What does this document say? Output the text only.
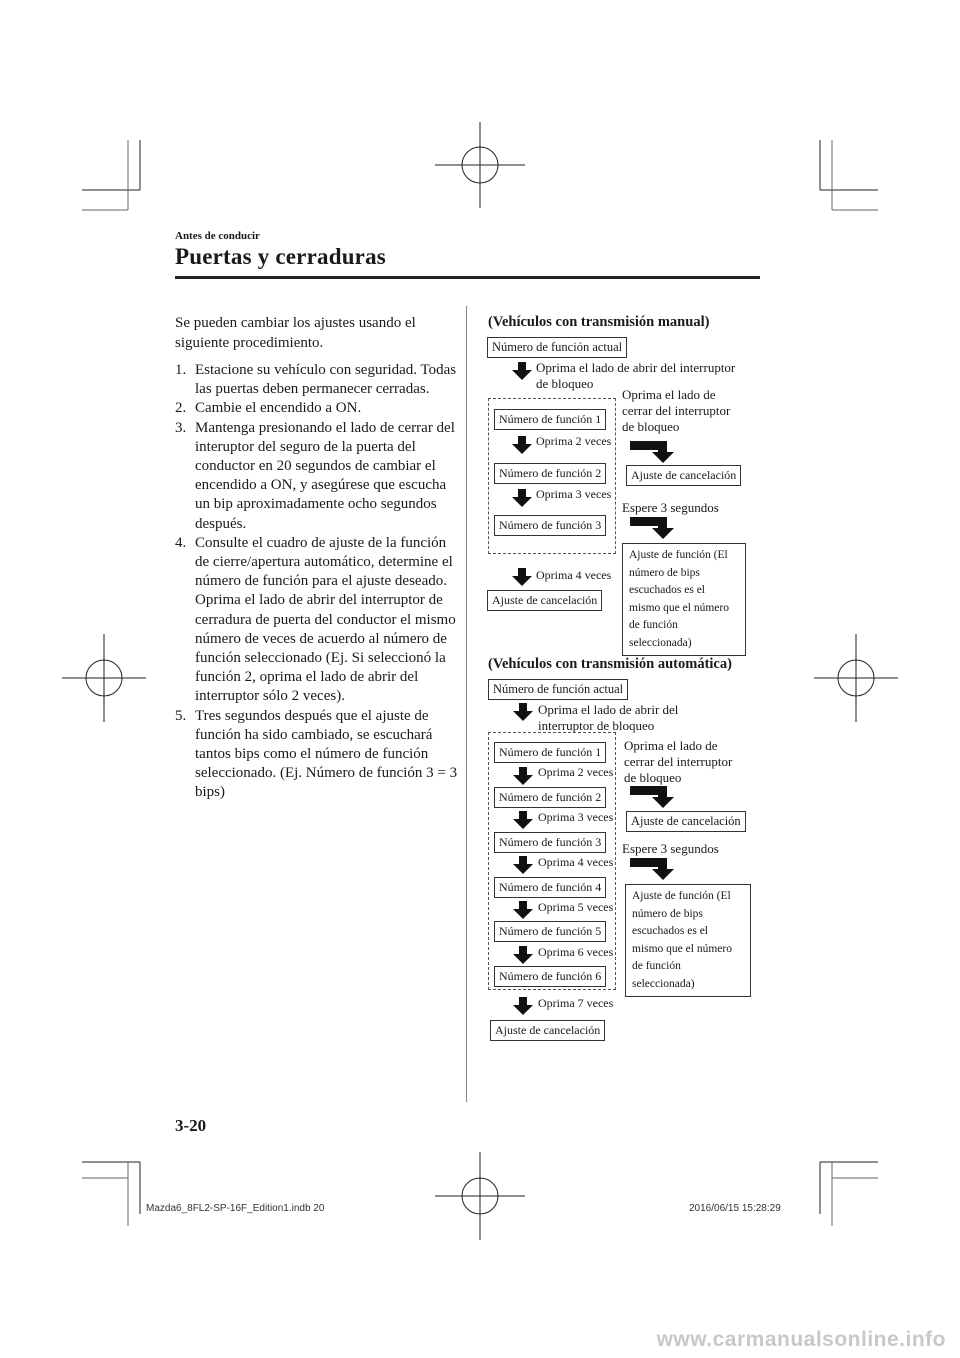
Antes de conducir
Puertas y cerraduras
Se pueden cambiar los ajustes usando el siguiente procedimiento.
1. Estacione su vehículo con seguridad. Todas las puertas deben permanecer cerradas.
2. Cambie el encendido a ON.
3. Mantenga presionando el lado de cerrar del interuptor del seguro de la puerta del conductor en 20 segundos de cambiar el encendido a ON, y asegúrese que escucha un bip aproximadamente ocho segundos después.
4. Consulte el cuadro de ajuste de la función de cierre/apertura automático, determine el número de función para el ajuste deseado. Oprima el lado de abrir del interruptor de cerradura de puerta del conductor el mismo número de veces de acuerdo al número de función seleccionado (Ej. Si seleccionó la función 2, oprima el lado de abrir del interruptor sólo 2 veces).
5. Tres segundos después que el ajuste de función ha sido cambiado, se escuchará tantos bips como el número de función seleccionado. (Ej. Número de función 3 = 3 bips)
(Vehículos con transmisión manual)
Número de función actual
Oprima el lado de abrir del interruptor
de bloqueo
Número de función 1
Oprima 2 veces
Número de función 2
Oprima 3 veces
Número de función 3
Oprima 4 veces
Ajuste de cancelación
Oprima el lado de
cerrar del interruptor
de bloqueo
Ajuste de cancelación
Espere 3 segundos
Ajuste de función (El
número de bips
escuchados es el
mismo que el número
de función
seleccionada)
(Vehículos con transmisión automática)
Número de función actual
Oprima el lado de abrir del
interruptor de bloqueo
Número de función 1
Oprima 2 veces
Número de función 2
Oprima 3 veces
Número de función 3
Oprima 4 veces
Número de función 4
Oprima 5 veces
Número de función 5
Oprima 6 veces
Número de función 6
Oprima 7 veces
Ajuste de cancelación
Oprima el lado de
cerrar del interruptor
de bloqueo
Ajuste de cancelación
Espere 3 segundos
Ajuste de función (El
número de bips
escuchados es el
mismo que el número
de función
seleccionada)
3-20
Mazda6_8FL2-SP-16F_Edition1.indb 20	2016/06/15 15:28:29
www.carmanualsonline.info
